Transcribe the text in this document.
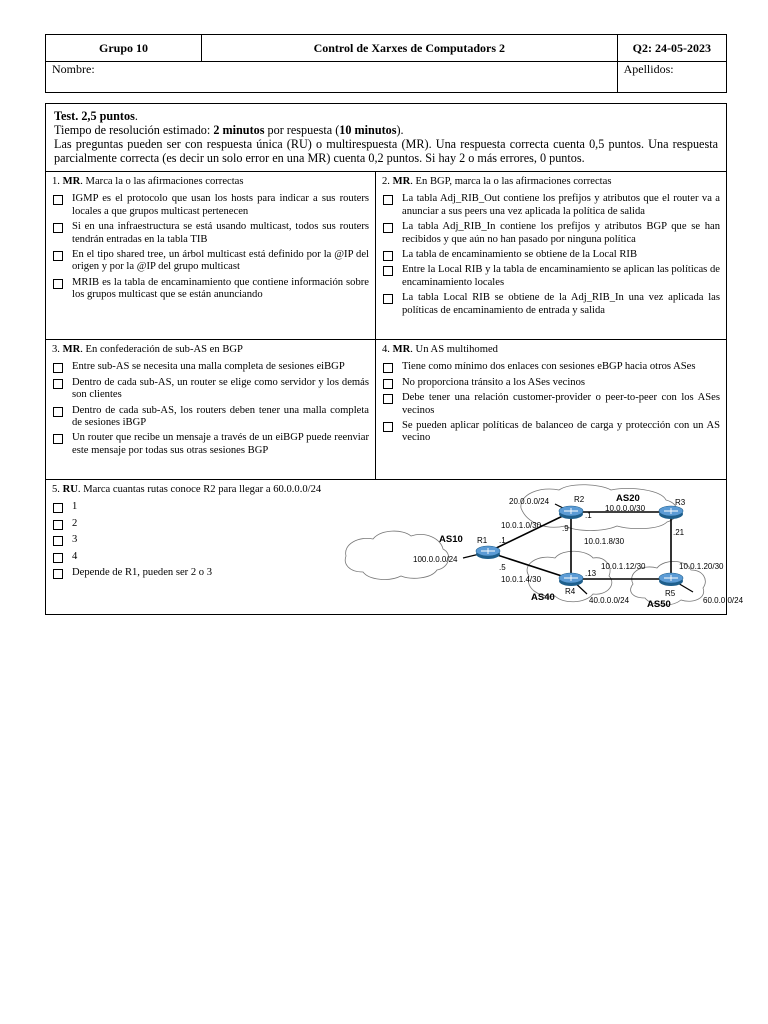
Grupo 10	Control de Xarxes de Computadors 2	Q2: 24-05-2023
Nombre:		Apellidos:

Test. 2,5 puntos.

Tiempo de resolución estimado: 2 minutos por respuesta (10 minutos).

Las preguntas pueden ser con respuesta única (RU) o multirespuesta (MR). Una respuesta correcta cuenta 0,5 puntos. Una respuesta parcialmente correcta (es decir un solo error en una MR) cuenta 0,2 puntos. Si hay 2 o más errores, 0 puntos.

1. MR. Marca la o las afirmaciones correctas
IGMP es el protocolo que usan los hosts para indicar a sus routers locales a que grupos multicast pertenecen
Si en una infraestructura se está usando multicast, todos sus routers tendrán entradas en la tabla TIB
En el tipo shared tree, un árbol multicast está definido por la @IP del origen y por la @IP del grupo multicast
MRIB es la tabla de encaminamiento que contiene información sobre los grupos multicast que se están anunciando
2. MR. En BGP, marca la o las afirmaciones correctas
La tabla Adj_RIB_Out contiene los prefijos y atributos que el router va a anunciar a sus peers una vez aplicada la política de salida
La tabla Adj_RIB_In contiene los prefijos y atributos BGP que se han recibidos y que aún no han pasado por ninguna política
La tabla de encaminamiento se obtiene de la Local RIB
Entre la Local RIB y la tabla de encaminamiento se aplican las políticas de encaminamiento locales
La tabla Local RIB se obtiene de la Adj_RIB_In una vez aplicada las políticas de encaminamiento de entrada y salida
3. MR. En confederación de sub-AS en BGP
Entre sub-AS se necesita una malla completa de sesiones eiBGP
Dentro de cada sub-AS, un router se elige como servidor y los demás son clientes
Dentro de cada sub-AS, los routers deben tener una malla completa de sesiones iBGP
Un router que recibe un mensaje a través de un eiBGP puede reenviar este mensaje por todas sus otras sesiones BGP
4. MR. Un AS multihomed
Tiene como mínimo dos enlaces con sesiones eBGP hacia otros ASes
No proporciona tránsito a los ASes vecinos
Debe tener una relación customer-provider o peer-to-peer con los ASes vecinos
Se pueden aplicar políticas de balanceo de carga y protección con un AS vecino
5. RU. Marca cuantas rutas conoce R2 para llegar a 60.0.0.0/24
1
2
3
4
Depende de R1, pueden ser 2 o 3
R1
R2	R3
R4	R5
AS10
AS20
AS40
AS50
20.0.0.0/24
100.0.0.0/24
40.0.0.0/24	60.0.0.0/24
10.0.0.0/30
10.0.1.0/30
10.0.1.8/30
10.0.1.4/30
10.0.1.12/30	10.0.1.20/30
.1
.1
.5
.9
.13
.21
